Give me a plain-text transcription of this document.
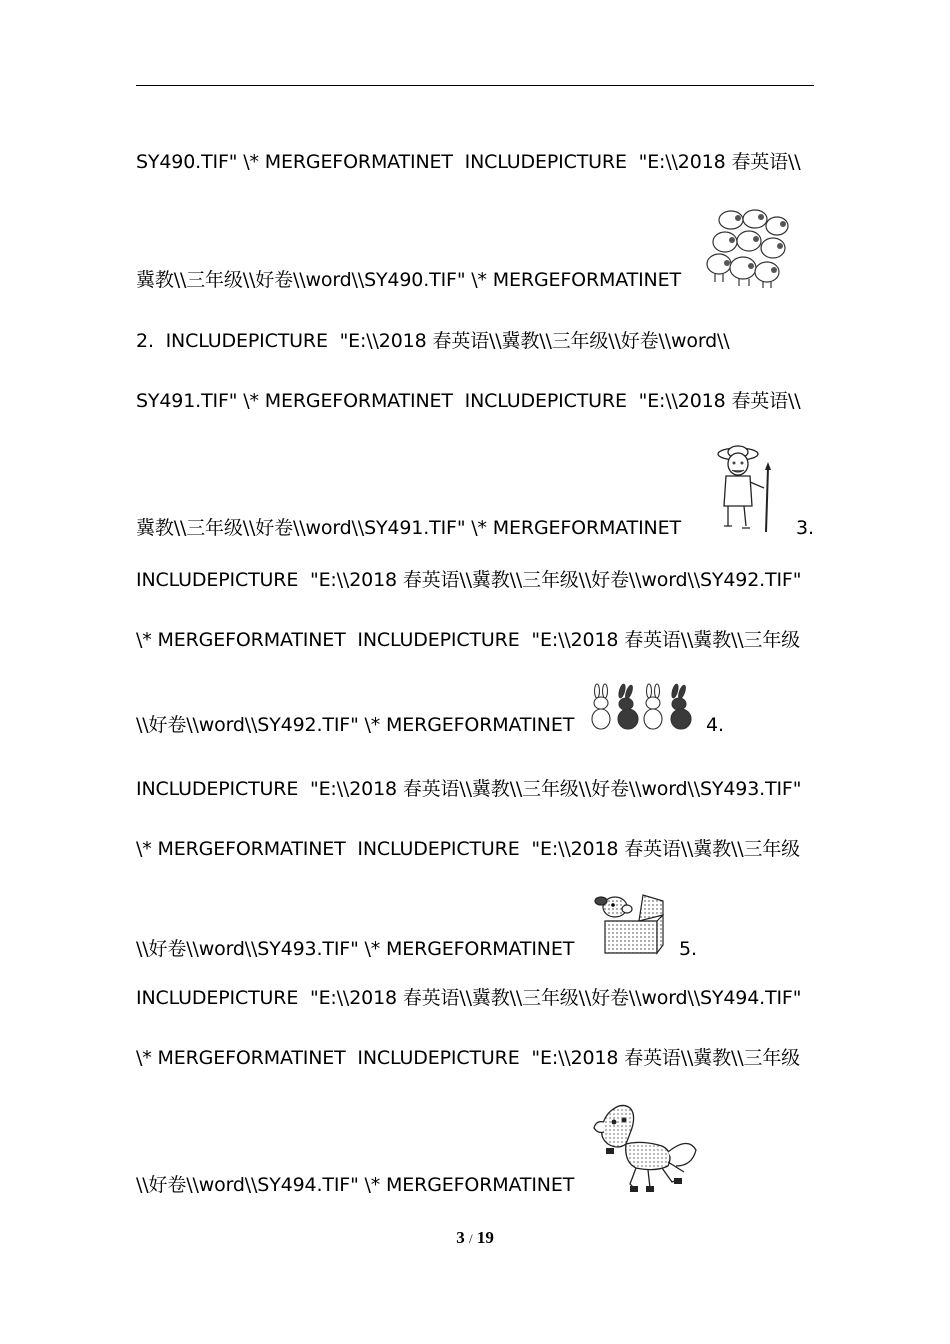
SY490.TIF" \* MERGEFORMATINET  INCLUDEPICTURE  "E:\\2018 春英语\\
冀教\\三年级\\好卷\\word\\SY490.TIF" \* MERGEFORMATINET
2.  INCLUDEPICTURE  "E:\\2018 春英语\\冀教\\三年级\\好卷\\word\\
SY491.TIF" \* MERGEFORMATINET  INCLUDEPICTURE  "E:\\2018 春英语\\
冀教\\三年级\\好卷\\word\\SY491.TIF" \* MERGEFORMATINET
INCLUDEPICTURE  "E:\\2018 春英语\\冀教\\三年级\\好卷\\word\\SY492.TIF"
\* MERGEFORMATINET  INCLUDEPICTURE  "E:\\2018 春英语\\冀教\\三年级
\\好卷\\word\\SY492.TIF" \* MERGEFORMATINET
INCLUDEPICTURE  "E:\\2018 春英语\\冀教\\三年级\\好卷\\word\\SY493.TIF"
\* MERGEFORMATINET  INCLUDEPICTURE  "E:\\2018 春英语\\冀教\\三年级
\\好卷\\word\\SY493.TIF" \* MERGEFORMATINET
INCLUDEPICTURE  "E:\\2018 春英语\\冀教\\三年级\\好卷\\word\\SY494.TIF"
\* MERGEFORMATINET  INCLUDEPICTURE  "E:\\2018 春英语\\冀教\\三年级
\\好卷\\word\\SY494.TIF" \* MERGEFORMATINET
3.
4.
5.
3 / 19
